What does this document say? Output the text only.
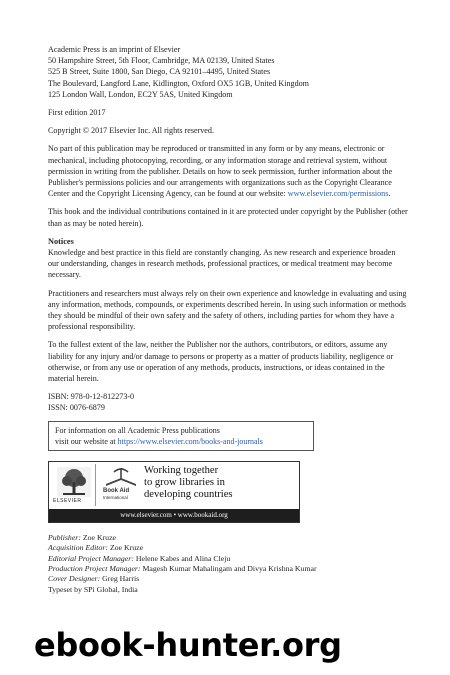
Academic Press is an imprint of Elsevier

50 Hampshire Street, 5th Floor, Cambridge, MA 02139, United States

525 B Street, Suite 1800, San Diego, CA 92101–4495, United States

The Boulevard, Langford Lane, Kidlington, Oxford OX5 1GB, United Kingdom

125 London Wall, London, EC2Y 5AS, United Kingdom

First edition 2017

Copyright © 2017 Elsevier Inc. All rights reserved.

No part of this publication may be reproduced or transmitted in any form or by any means, electronic or mechanical, including photocopying, recording, or any information storage and retrieval system, without permission in writing from the publisher. Details on how to seek permission, further information about the Publisher's permissions policies and our arrangements with organizations such as the Copyright Clearance Center and the Copyright Licensing Agency, can be found at our website: www.elsevier.com/permissions.

This book and the individual contributions contained in it are protected under copyright by the Publisher (other than as may be noted herein).

Notices

Knowledge and best practice in this field are constantly changing. As new research and experience broaden our understanding, changes in research methods, professional practices, or medical treatment may become necessary.

Practitioners and researchers must always rely on their own experience and knowledge in evaluating and using any information, methods, compounds, or experiments described herein. In using such information or methods they should be mindful of their own safety and the safety of others, including parties for whom they have a professional responsibility.

To the fullest extent of the law, neither the Publisher nor the authors, contributors, or editors, assume any liability for any injury and/or damage to persons or property as a matter of products liability, negligence or otherwise, or from any use or operation of any methods, products, instructions, or ideas contained in the material herein.

ISBN: 978-0-12-812273-0

ISSN: 0076-6879

For information on all Academic Press publications

visit our website at https://www.elsevier.com/books-and-journals

ELSEVIER
Book Aid
International

Working together

to grow libraries in

developing countries

www.elsevier.com • www.bookaid.org

Publisher: Zoe Kruze

Acquisition Editor: Zoe Kruze

Editorial Project Manager: Helene Kabes and Alina Cleju

Production Project Manager: Magesh Kumar Mahalingam and Divya Krishna Kumar

Cover Designer: Greg Harris

Typeset by SPi Global, India

ebook-hunter.org
